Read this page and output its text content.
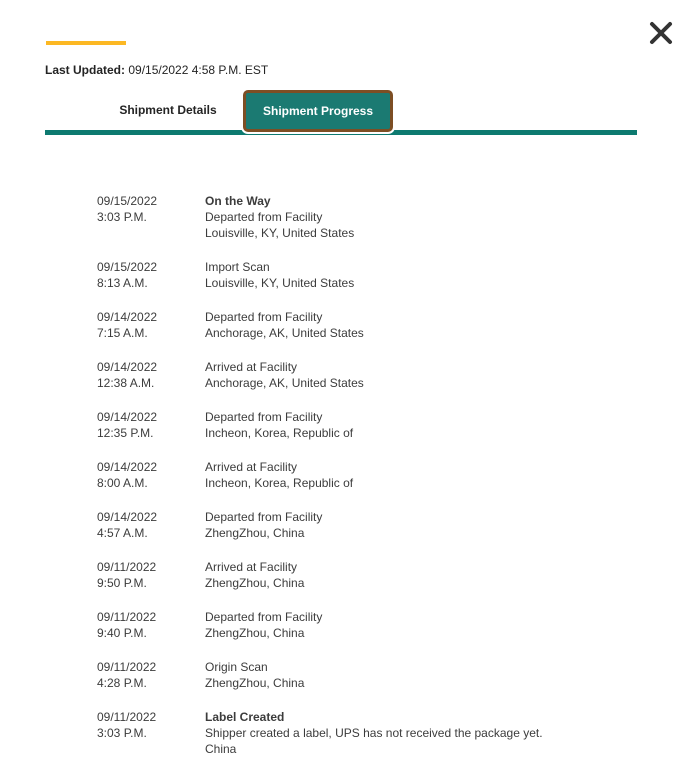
Last Updated: 09/15/2022 4:58 P.M. EST
Shipment Details	Shipment Progress
09/15/2022
3:03 P.M.
On the Way
Departed from Facility
Louisville, KY, United States
09/15/2022
8:13 A.M.
Import Scan
Louisville, KY, United States
09/14/2022
7:15 A.M.
Departed from Facility
Anchorage, AK, United States
09/14/2022
12:38 A.M.
Arrived at Facility
Anchorage, AK, United States
09/14/2022
12:35 P.M.
Departed from Facility
Incheon, Korea, Republic of
09/14/2022
8:00 A.M.
Arrived at Facility
Incheon, Korea, Republic of
09/14/2022
4:57 A.M.
Departed from Facility
ZhengZhou, China
09/11/2022
9:50 P.M.
Arrived at Facility
ZhengZhou, China
09/11/2022
9:40 P.M.
Departed from Facility
ZhengZhou, China
09/11/2022
4:28 P.M.
Origin Scan
ZhengZhou, China
09/11/2022
3:03 P.M.
Label Created
Shipper created a label, UPS has not received the package yet.
China
